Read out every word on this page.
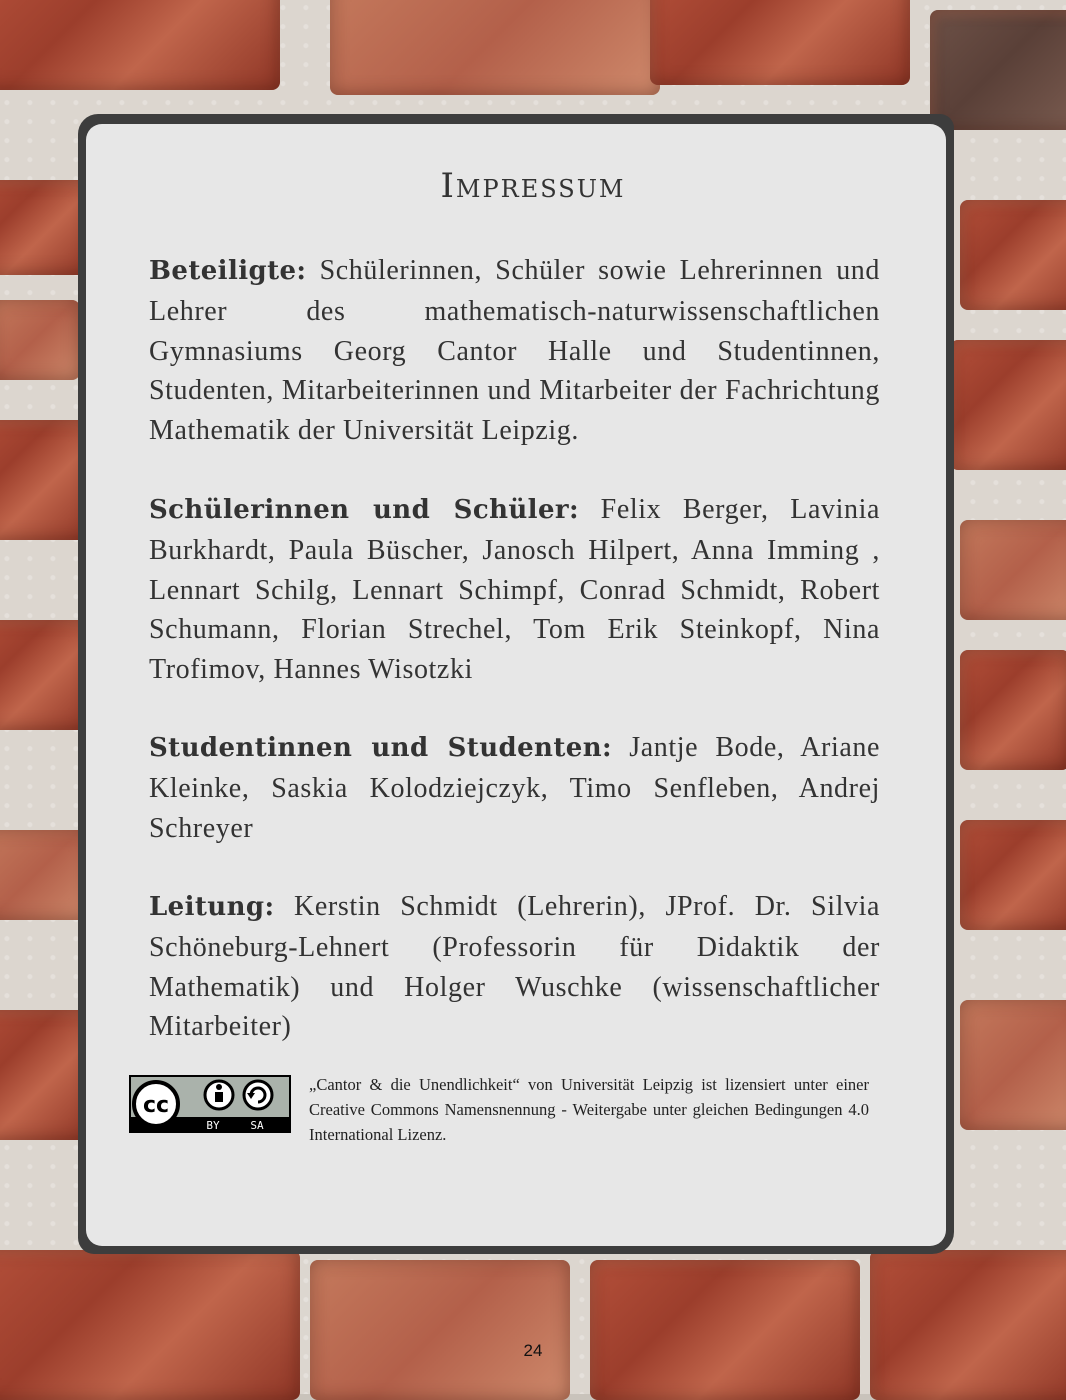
Impressum
Beteiligte: Schülerinnen, Schüler sowie Lehrerinnen und Lehrer des mathematisch-naturwissenschaftlichen Gymnasiums Georg Cantor Halle und Studentinnen, Studenten, Mitarbeiterinnen und Mitarbeiter der Fachrichtung Mathematik der Universität Leipzig.
Schülerinnen und Schüler: Felix Berger, Lavinia Burkhardt, Paula Büscher, Janosch Hilpert, Anna Imming , Lennart Schilg, Lennart Schimpf, Conrad Schmidt, Robert Schumann, Florian Strechel, Tom Erik Steinkopf, Nina Trofimov, Hannes Wisotzki
Studentinnen und Studenten: Jantje Bode, Ariane Kleinke, Saskia Kolodziejczyk, Timo Senfleben, Andrej Schreyer
Leitung: Kerstin Schmidt (Lehrerin), JProf. Dr. Silvia Schöneburg-Lehnert (Professorin für Didaktik der Mathematik) und Holger Wuschke (wissenschaftlicher Mitarbeiter)
cc
BY	SA
„Cantor & die Unendlichkeit“ von Universität Leipzig ist lizensiert unter einer Creative Commons Namensnennung - Weitergabe unter gleichen Bedingungen 4.0 International Lizenz.
24
